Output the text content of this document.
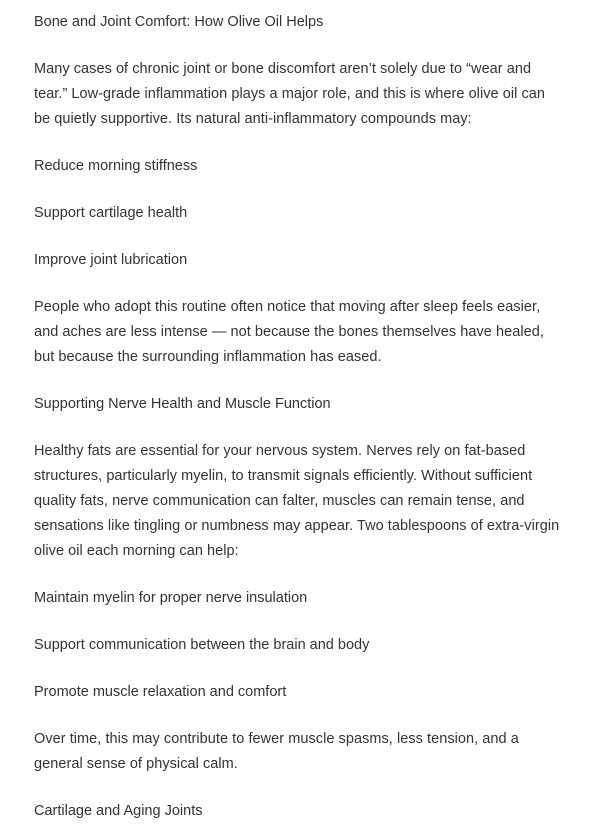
Bone and Joint Comfort: How Olive Oil Helps

Many cases of chronic joint or bone discomfort aren’t solely due to “wear and tear.” Low-grade inflammation plays a major role, and this is where olive oil can be quietly supportive. Its natural anti-inflammatory compounds may:

Reduce morning stiffness

Support cartilage health

Improve joint lubrication

People who adopt this routine often notice that moving after sleep feels easier, and aches are less intense — not because the bones themselves have healed, but because the surrounding inflammation has eased.

Supporting Nerve Health and Muscle Function

Healthy fats are essential for your nervous system. Nerves rely on fat-based structures, particularly myelin, to transmit signals efficiently. Without sufficient quality fats, nerve communication can falter, muscles can remain tense, and sensations like tingling or numbness may appear. Two tablespoons of extra-virgin olive oil each morning can help:

Maintain myelin for proper nerve insulation

Support communication between the brain and body

Promote muscle relaxation and comfort

Over time, this may contribute to fewer muscle spasms, less tension, and a general sense of physical calm.

Cartilage and Aging Joints
